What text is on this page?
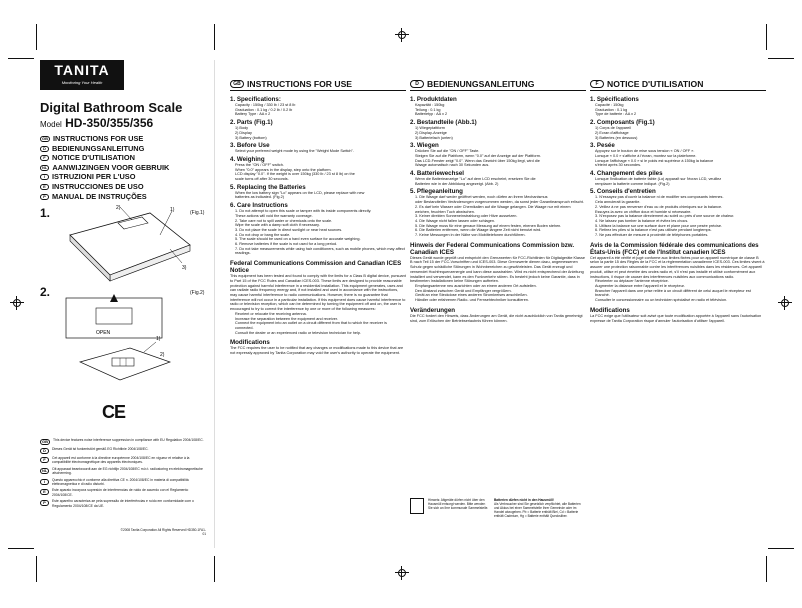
TANITA
Monitoring Your Health
Digital Bathroom Scale
Model HD-350/355/356
GB INSTRUCTIONS FOR USE
D BEDIENUNGSANLEITUNG
F NOTICE D'UTILISATION
NL AANWIJZINGEN VOOR GEBRUIK
I ISTRUZIONI PER L'USO
E INSTRUCCIONES DE USO
P MANUAL DE INSTRUÇÕES
1.	(Fig.1)
2)	1)
3)
2.	(Fig.2)
OPEN
1)
2)
CE
GB	This device features noise interference suppression in compliance with EU Regulation 2004/108/EC.

D	Dieses Gerät ist funkentstört gemäß EG Richtlinie 2004/108/EC.

F	Cet appareil est conforme à la directive européenne 2004/108/EC en vigueur et relative à la compatibilité électromagnétique des appareils électroniques.

NL	Dit apparaat beantwoordt aan de EG richtlijn 2004/108/EC m.b.t. radiostoring en elektromagnetische afscherming.

I	Questo apparecchio è conforme alla direttiva CE n. 2004/108/EC in materia di compatibilità elettromagnetica e di radio disturbi.

E	Este aparato incorpora supresión de interferencias de ruido de acuerdo con el Reglamento 2004/108/CE.

P	Este aparelho caracteriza-se pela supressão de interferências e ruído em conformidade com o Regulamento 2004/108/CE da UE.

©2008 Tanita Corporation All Rights Reserved HD350-1FA1-01
GB INSTRUCTIONS FOR USE
1. Specifications:
Capacity : 150kg / 330 lb / 23 st 8 lb
Graduation : 0.1 kg / 0.2 lb / 0.2 lb
Battery Type : AA x 2
2. Parts (Fig.1)
1) Body
2) Display
3) Battery (bottom)
3. Before Use
Select your preferred weight mode by using the "Weight Mode Switch".
4. Weighing
Press the "ON / OFF" switch.
When "0.0" appears in the display, step onto the platform.
LCD display "0.0". If the weight is over 150kg (330 lb / 23 st 8 lb) on the
scale turns off after 30 seconds.
5. Replacing the Batteries
When the low battery sign "Lo" appears on the LCD, please replace with new
batteries as indicated. (Fig.2)
6. Care Instructions
1. Do not attempt to open this scale or tamper with its inside components directly.
These actions will void the warranty coverage.
2. Take care not to spill water or chemicals onto the scale.
Wipe the scale with a damp soft cloth if necessary.
3. Do not place the scale in direct sunlight or near heat sources.
4. Do not drop or bang the scale.
5. The scale should be used on a hard even surface for accurate weighing.
6. Remove batteries if the scale is not used for a long period.
7. Do not take measurements while using hair conditioners, such as mobile phones, which may affect readings.
Federal Communications Commission and Canadian ICES Notice
This equipment has been tested and found to comply with the limits for a Class B digital device, pursuant to Part 15 of the FCC Rules and Canadian ICES-003. These limits are designed to provide reasonable protection against harmful interference in a residential installation. This equipment generates, uses and can radiate radio frequency energy and, if not installed and used in accordance with the instructions, may cause harmful interference to radio communications. However, there is no guarantee that interference will not occur in a particular installation. If this equipment does cause harmful interference to radio or television reception, which can be determined by turning the equipment off and on, the user is encouraged to try to correct the interference by one or more of the following measures:
Reorient or relocate the receiving antenna.
Increase the separation between the equipment and receiver.
Connect the equipment into an outlet on a circuit different from that to which the receiver is connected.
Consult the dealer or an experienced radio or television technician for help.
Modifications
The FCC requires the user to be notified that any changes or modifications made to this device that are not expressly approved by Tanita Corporation may void the user's authority to operate the equipment.
D BEDIENUNGSANLEITUNG
1. Produktdaten
Kapazität : 150kg
Teilung : 0.1 kg
Batterietyp : AA x 2
2. Bestandteile (Abb.1)
1) Wiegeplattform
2) Display-Anzeige
3) Batteriefach (unten)
3. Wiegen
Drücken Sie auf die "ON / OFF" Taste.
Steigen Sie auf die Plattform, wenn "0.0" auf der Anzeige auf der Plattform.
Das LCD-Fenster zeigt "0.0". Wenn das Gewicht über 150kg liegt, wird die
Waage automatisch nach 30 Sekunden aus.
4. Batteriewechsel
Wenn die Batterieanzeige "Lo" auf dem LCD erscheint, ersetzen Sie die
Batterien wie in der Abbildung angezeigt. (Abb. 2)
5. Pflegeanleitung
1. Die Waage darf weder geöffnet werden, noch dürfen an ihrem Mechanismus
oder Bestandteilen Veränderungen vorgenommen werden, da sonst jeder Garantieanspruch erlischt.
2. Es darf kein Wasser oder Chemikalien auf die Waage gelangen. Die Waage nur mit einem weichen, feuchten Tuch abwischen.
3. Keiner direkten Sonneneinstrahlung oder Hitze aussetzen.
4. Die Waage nicht fallen lassen oder schlagen.
5. Die Waage muss für eine genaue Messung auf einem festen, ebenen Boden stehen.
6. Die Batterien entfernen, wenn die Waage längere Zeit nicht benutzt wird.
7. Keine Messungen in der Nähe von Mobiltelefonen durchführen.
Hinweis der Federal Communications Commission bzw. Canadian ICES
Dieses Gerät wurde geprüft und entspricht den Grenzwerten für FCC-Richtlinien für Digitalgeräte Klasse B nach Teil 15 der FCC-Vorschriften und ICES-003. Diese Grenzwerte dienen dazu, angemessenen Schutz gegen schädliche Störungen in Wohnbereichen zu gewährleisten. Das Gerät erzeugt und verwendet Hochfrequenzenergie und kann diese ausstrahlen. Wird es nicht entsprechend der Anleitung installiert und verwendet, kann es den Funkverkehr stören. Es besteht jedoch keine Garantie, dass in bestimmten Installationen keine Störungen auftreten.
Empfangsantenne neu ausrichten oder an einem anderen Ort aufstellen.
Den Abstand zwischen Gerät und Empfänger vergrößern.
Gerät an eine Steckdose eines anderen Stromkreises anschließen.
Händler oder erfahrenen Radio- und Fernsehtechniker konsultieren.
Veränderungen
Die FCC fordert den Hinweis, dass Änderungen am Gerät, die nicht ausdrücklich von Tanita genehmigt sind, zum Erlöschen der Betriebserlaubnis führen können.
F NOTICE D'UTILISATION
1. Spécifications
Capacité : 150kg
Graduation : 0.1 kg
Type de batterie : AA x 2
2. Composants (Fig.1)
1) Corps de l'appareil
2) Ecran d'affichage
3) Batteries (en dessous)
3. Pesée
Appuyez sur le bouton de mise sous tension « ON / OFF ».
Lorsque « 0.0 » s'affiche à l'écran, montez sur la plateforme.
Lorsque l'affichage « 0.0 » si le poids est supérieur à 150kg la balance
s'éteint après 30 secondes.
4. Changement des piles
Lorsque l'indication de batterie faible (Lo) apparaît sur l'écran LCD, veuillez
remplacer la batterie comme indiqué. (Fig.2)
5. Conseils d'entretien
1. N'essayez pas d'ouvrir la balance ni de modifier ses composants internes.
Cela annulerait la garantie.
2. Veillez à ne pas renverser d'eau ou de produits chimiques sur la balance.
Essuyez-la avec un chiffon doux et humide si nécessaire.
3. N'exposez pas la balance directement au soleil ou près d'une source de chaleur.
4. Ne laissez pas tomber la balance et évitez les chocs.
5. Utilisez la balance sur une surface dure et plane pour une pesée précise.
6. Retirez les piles si la balance n'est pas utilisée pendant longtemps.
7. Ne pas effectuer de mesure à proximité de téléphones portables.
Avis de la Commission fédérale des communications des États-Unis (FCC) et de l'Institut canadien ICES
Cet appareil a été vérifié et jugé conforme aux limites fixées pour un appareil numérique de classe B selon la partie 15 des Règles de la FCC et la réglementation canadienne ICES-003. Ces limites visent à assurer une protection raisonnable contre les interférences nuisibles dans les résidences. Cet appareil produit, utilise et peut émettre des ondes radio et, s'il n'est pas installé et utilisé conformément aux instructions, il risque de causer des interférences nuisibles aux communications radio.
Réorienter ou déplacer l'antenne réceptrice.
Augmenter la distance entre l'appareil et le récepteur.
Brancher l'appareil dans une prise reliée à un circuit différent de celui auquel le récepteur est branché.
Consulter le concessionnaire ou un technicien spécialisé en radio et télévision.
Modifications
La FCC exige que l'utilisateur soit avisé que toute modification apportée à l'appareil sans l'autorisation expresse de Tanita Corporation risque d'annuler l'autorisation d'utiliser l'appareil.
Hinweis: Altgeräte dürfen nicht über den Hausmüll entsorgt werden. Bitte wenden Sie sich an Ihre kommunale Sammelstelle.
Batterien dürfen nicht in den Hausmüll!
Als Verbraucher sind Sie gesetzlich verpflichtet, alle Batterien und Akkus bei einer Sammelstelle Ihrer Gemeinde oder im Handel abzugeben. Pb = Batterie enthält Blei, Cd = Batterie enthält Cadmium, Hg = Batterie enthält Quecksilber.
